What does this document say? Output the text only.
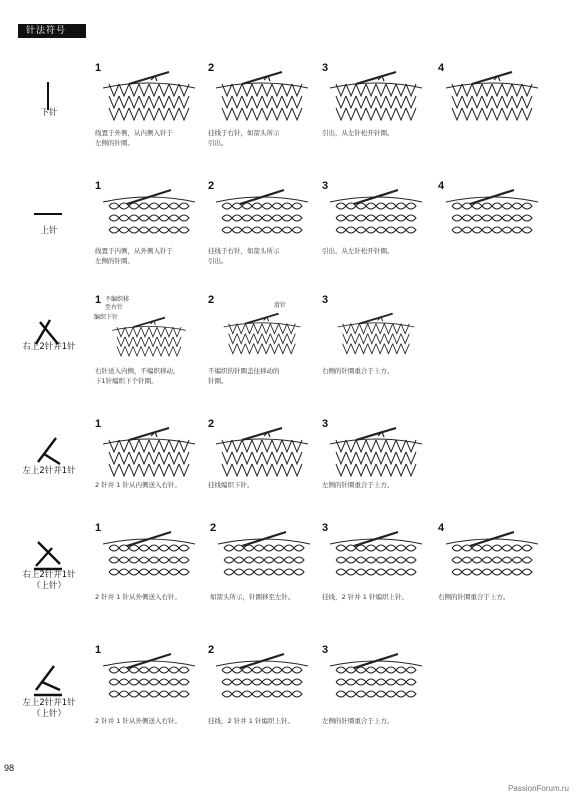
针法符号
下针
1
线置于外侧，从内侧入针于
左侧的针圈。
2
挂线于右针，如箭头所示
引出。
3
引出，从左针松开针圈。
4
上针
1
线置于内侧，从外侧入针于
左侧的针圈。
2
挂线于右针，如箭头所示
引出。
3
引出，从左针松开针圈。
4
右上2针并1针
1 不编织移
至右针
编织下针
右针送入内侧，不编织移动，
下1针编织下个针圈。
2	滑针
不编织的针圈盖住移动的
针圈。
3
右侧的针圈重合于上方。
左上2针并1针
1
2 针并 1 针从内侧送入右针。
2
挂线编织下针。
3
左侧的针圈重合于上方。
右上2针并1针
（上针）
1
2 针并 1 针从外侧送入右针。
2
如箭头所示，针圈移至左针。
3
挂线，2 针并 1 针编织上针。
4
右侧的针圈重合于上方。
左上2针并1针
（上针）
1
2 针并 1 针从外侧送入右针。
2
挂线，2 针并 1 针编织上针。
3
左侧的针圈重合于上方。
98
PassionForum.ru
